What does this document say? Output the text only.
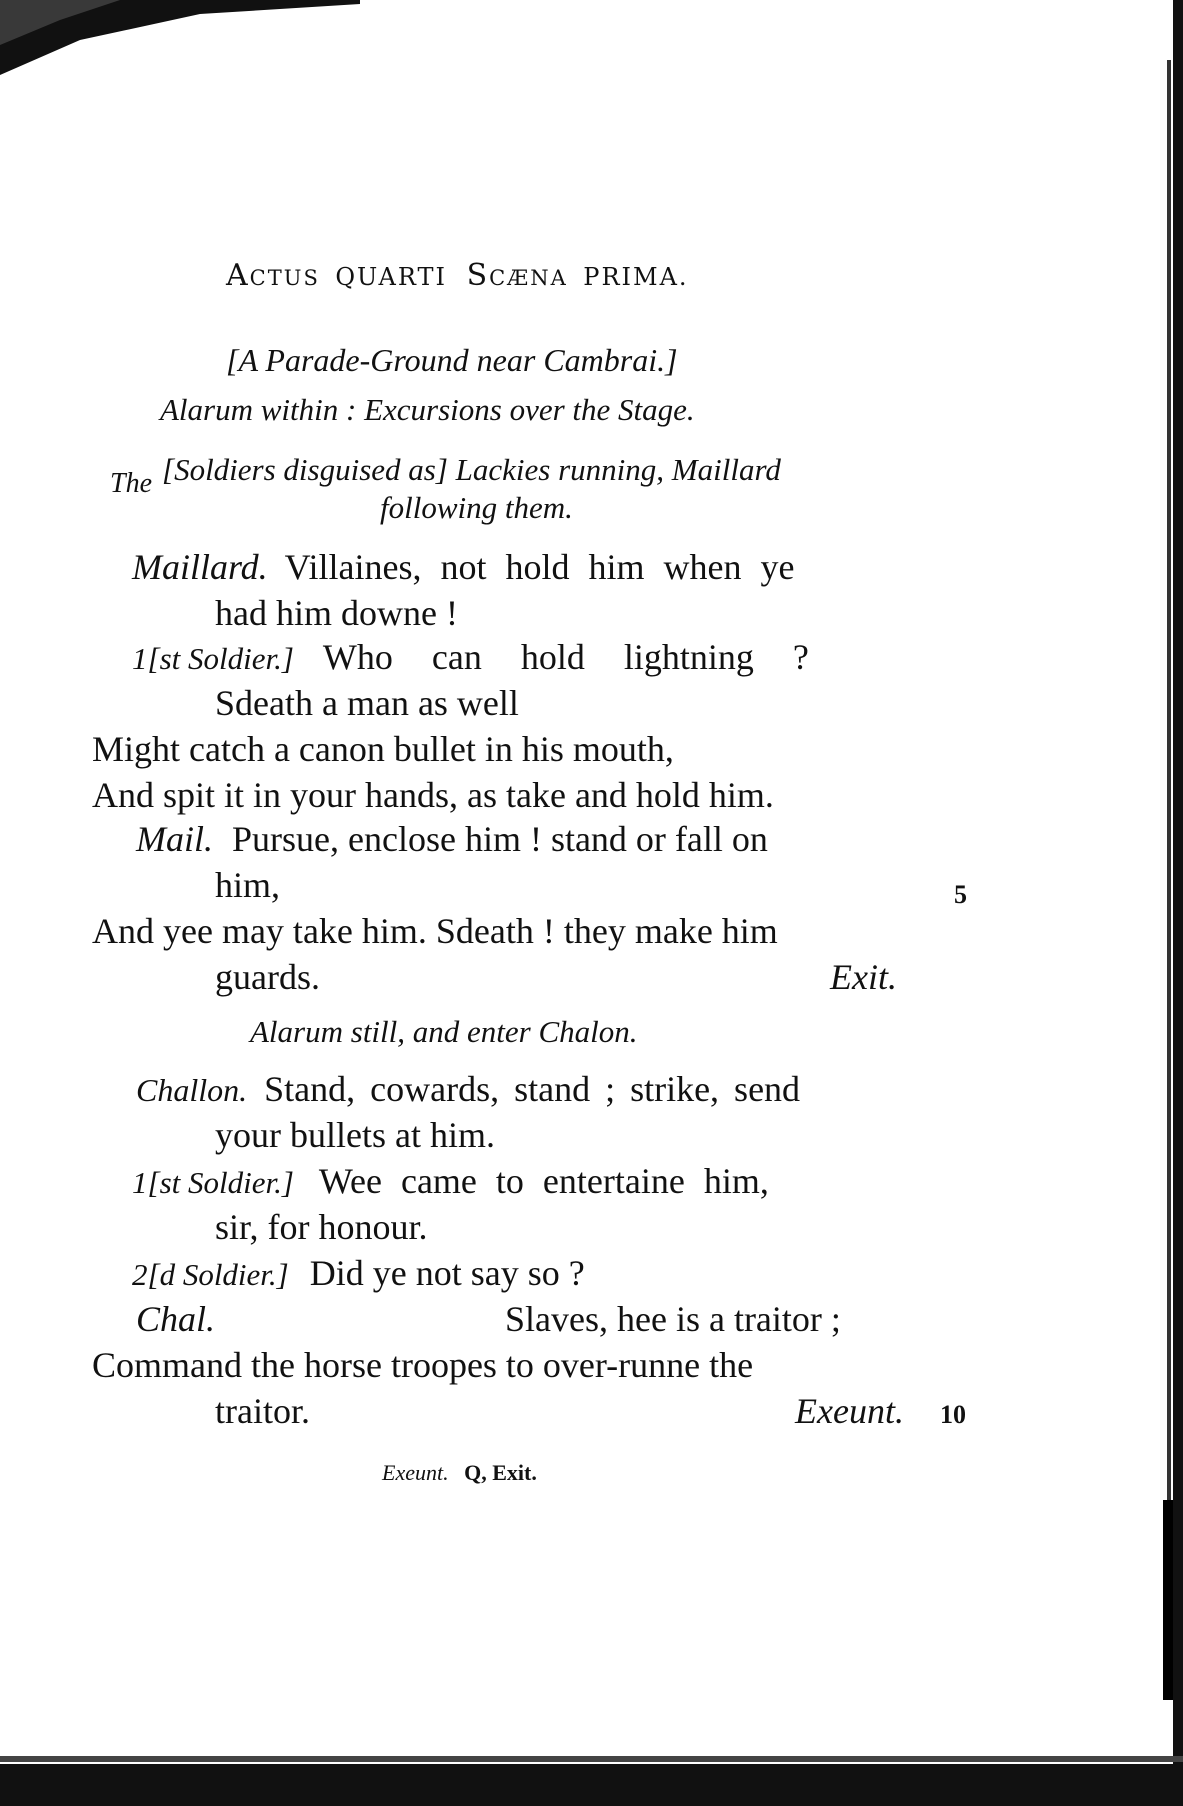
Actus QUARTI Scæna PRIMA.
[A Parade-Ground near Cambrai.]
Alarum within : Excursions over the Stage.
The [Soldiers disguised as] Lackies running, Maillard
following them.
Maillard. Villaines, not hold him when ye
had him downe !
1[st Soldier.] Who can hold lightning ?
Sdeath a man as well
Might catch a canon bullet in his mouth,
And spit it in your hands, as take and hold him.
Mail. Pursue, enclose him ! stand or fall on
him,	5
And yee may take him. Sdeath ! they make him
guards.	Exit.
Alarum still, and enter Chalon.
Challon. Stand, cowards, stand ; strike, send
your bullets at him.
1[st Soldier.] Wee came to entertaine him,
sir, for honour.
2[d Soldier.] Did ye not say so ?
Chal.	Slaves, hee is a traitor ;
Command the horse troopes to over-runne the
traitor.	Exeunt. 10
Exeunt. Q, Exit.
